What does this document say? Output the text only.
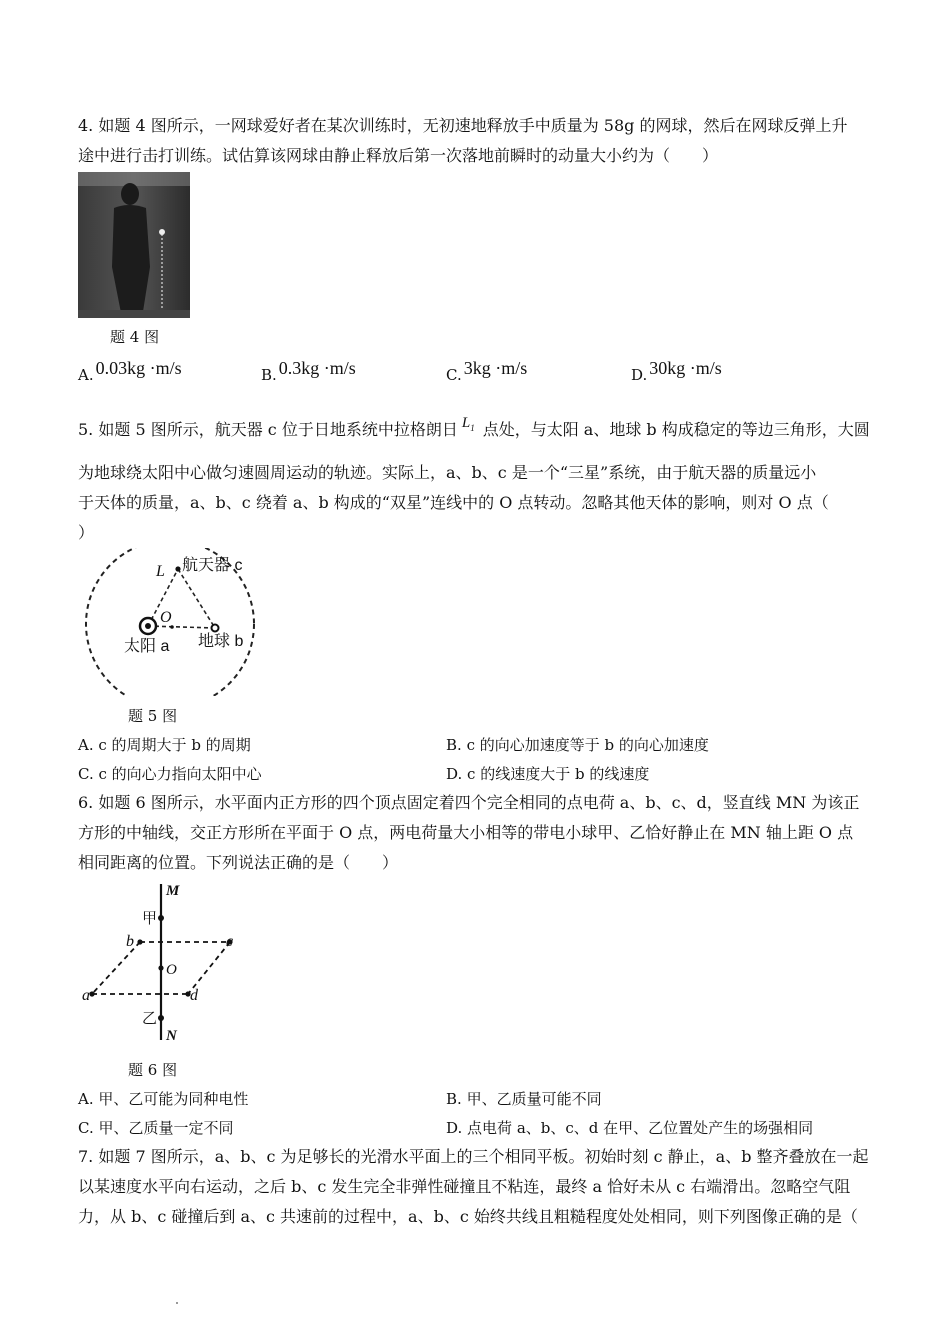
4. 如题 4 图所示，一网球爱好者在某次训练时，无初速地释放手中质量为 58g 的网球，然后在网球反弹上升
途中进行击打训练。试估算该网球由静止释放后第一次落地前瞬时的动量大小约为（　　）
题 4 图
A. 0.03kg ·m/s	B. 0.3kg ·m/s	C. 3kg ·m/s	D. 30kg ·m/s
5. 如题 5 图所示，航天器 c 位于日地系统中拉格朗日 $L_1$ 点处，与太阳 a、地球 b 构成稳定的等边三角形，大圆
为地球绕太阳中心做匀速圆周运动的轨迹。实际上，a、b、c 是一个“三星”系统，由于航天器的质量远小
于天体的质量，a、b、c 绕着 a、b 构成的“双星”连线中的 O 点转动。忽略其他天体的影响，则对 O 点（
）
航天器 c
L
O
太阳 a 地球 b
题 5 图
A. c 的周期大于 b 的周期	B. c 的向心加速度等于 b 的向心加速度
C. c 的向心力指向太阳中心	D. c 的线速度大于 b 的线速度
6. 如题 6 图所示，水平面内正方形的四个顶点固定着四个完全相同的点电荷 a、b、c、d，竖直线 MN 为该正
方形的中轴线，交正方形所在平面于 O 点，两电荷量大小相等的带电小球甲、乙恰好静止在 MN 轴上距 O 点
相同距离的位置。下列说法正确的是（　　）
M
甲
b	c
O
a	d
乙
N
题 6 图
A. 甲、乙可能为同种电性	B. 甲、乙质量可能不同
C. 甲、乙质量一定不同	D. 点电荷 a、b、c、d 在甲、乙位置处产生的场强相同
7. 如题 7 图所示，a、b、c 为足够长的光滑水平面上的三个相同平板。初始时刻 c 静止，a、b 整齐叠放在一起
以某速度水平向右运动，之后 b、c 发生完全非弹性碰撞且不粘连，最终 a 恰好未从 c 右端滑出。忽略空气阻
力，从 b、c 碰撞后到 a、c 共速前的过程中，a、b、c 始终共线且粗糙程度处处相同，则下列图像正确的是（
